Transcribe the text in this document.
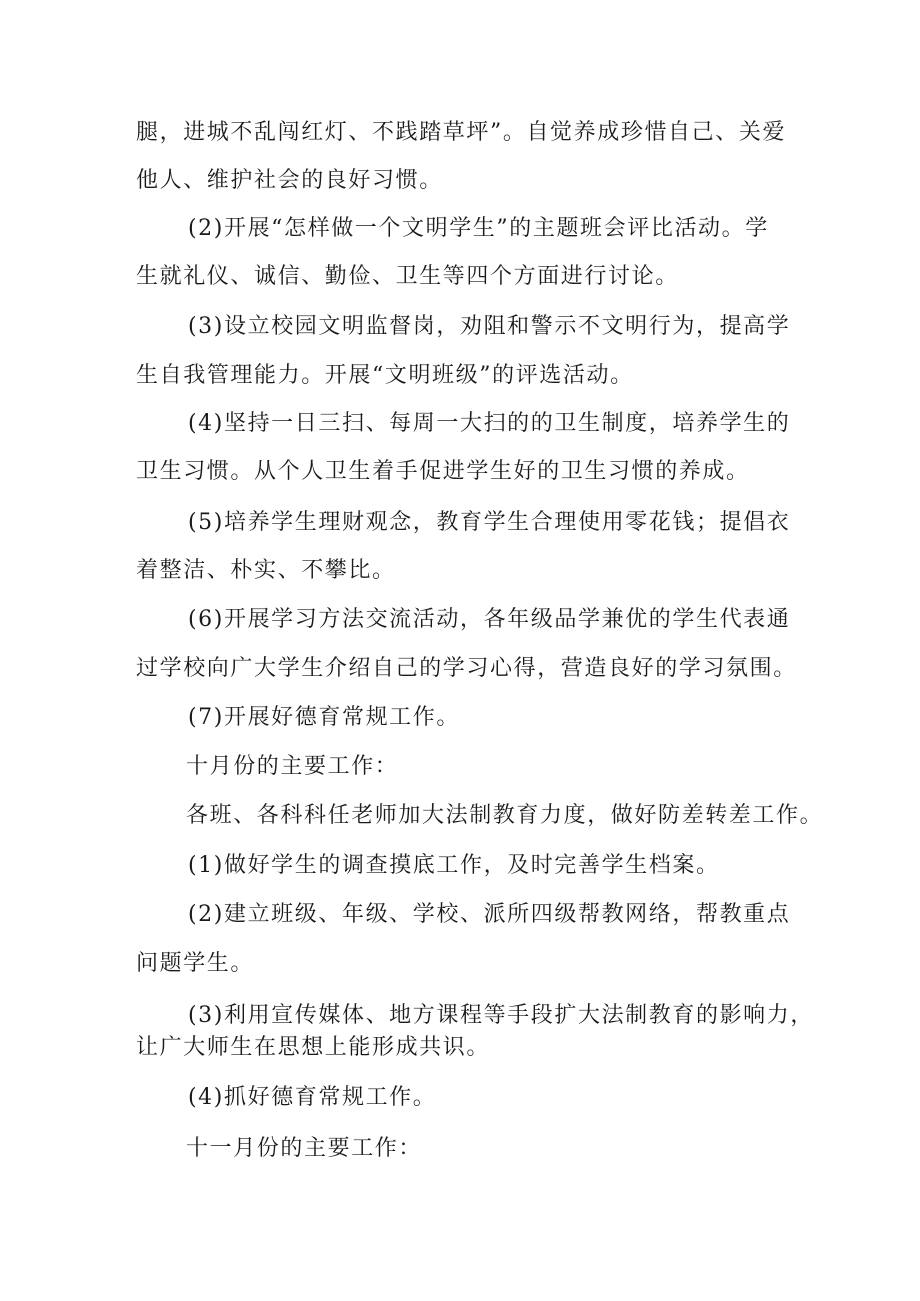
腿，进城不乱闯红灯、不践踏草坪”。自觉养成珍惜自己、关爱
他人、维护社会的良好习惯。
(2)开展“怎样做一个文明学生”的主题班会评比活动。学
生就礼仪、诚信、勤俭、卫生等四个方面进行讨论。
(3)设立校园文明监督岗，劝阻和警示不文明行为，提高学
生自我管理能力。开展“文明班级”的评选活动。
(4)坚持一日三扫、每周一大扫的的卫生制度，培养学生的
卫生习惯。从个人卫生着手促进学生好的卫生习惯的养成。
(5)培养学生理财观念，教育学生合理使用零花钱；提倡衣
着整洁、朴实、不攀比。
(6)开展学习方法交流活动，各年级品学兼优的学生代表通
过学校向广大学生介绍自己的学习心得，营造良好的学习氛围。
(7)开展好德育常规工作。
十月份的主要工作：
各班、各科科任老师加大法制教育力度，做好防差转差工作。
(1)做好学生的调查摸底工作，及时完善学生档案。
(2)建立班级、年级、学校、派所四级帮教网络，帮教重点
问题学生。
(3)利用宣传媒体、地方课程等手段扩大法制教育的影响力，
让广大师生在思想上能形成共识。
(4)抓好德育常规工作。
十一月份的主要工作：
